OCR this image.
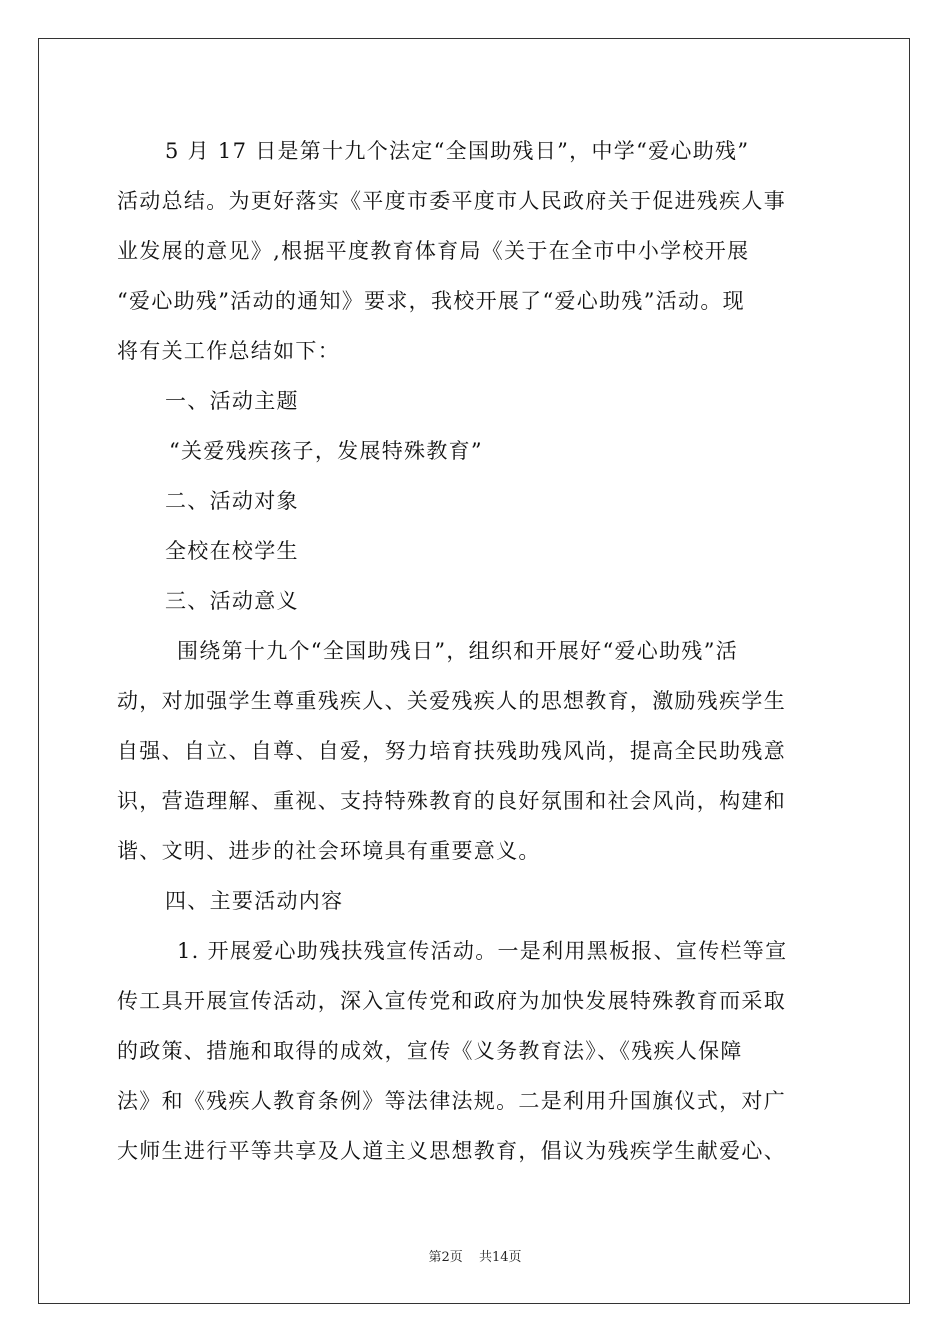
5 月 17 日是第十九个法定“全国助残日”，中学“爱心助残”
活动总结。为更好落实《平度市委平度市人民政府关于促进残疾人事
业发展的意见》,根据平度教育体育局《关于在全市中小学校开展
“爱心助残”活动的通知》要求，我校开展了“爱心助残”活动。现
将有关工作总结如下：
一、活动主题
“关爱残疾孩子，发展特殊教育”
二、活动对象
全校在校学生
三、活动意义
围绕第十九个“全国助残日”，组织和开展好“爱心助残”活
动，对加强学生尊重残疾人、关爱残疾人的思想教育，激励残疾学生
自强、自立、自尊、自爱，努力培育扶残助残风尚，提高全民助残意
识，营造理解、重视、支持特殊教育的良好氛围和社会风尚，构建和
谐、文明、进步的社会环境具有重要意义。
四、主要活动内容
1. 开展爱心助残扶残宣传活动。一是利用黑板报、宣传栏等宣
传工具开展宣传活动，深入宣传党和政府为加快发展特殊教育而采取
的政策、措施和取得的成效，宣传《义务教育法》、《残疾人保障
法》和《残疾人教育条例》等法律法规。二是利用升国旗仪式，对广
大师生进行平等共享及人道主义思想教育，倡议为残疾学生献爱心、
第2页 共14页
